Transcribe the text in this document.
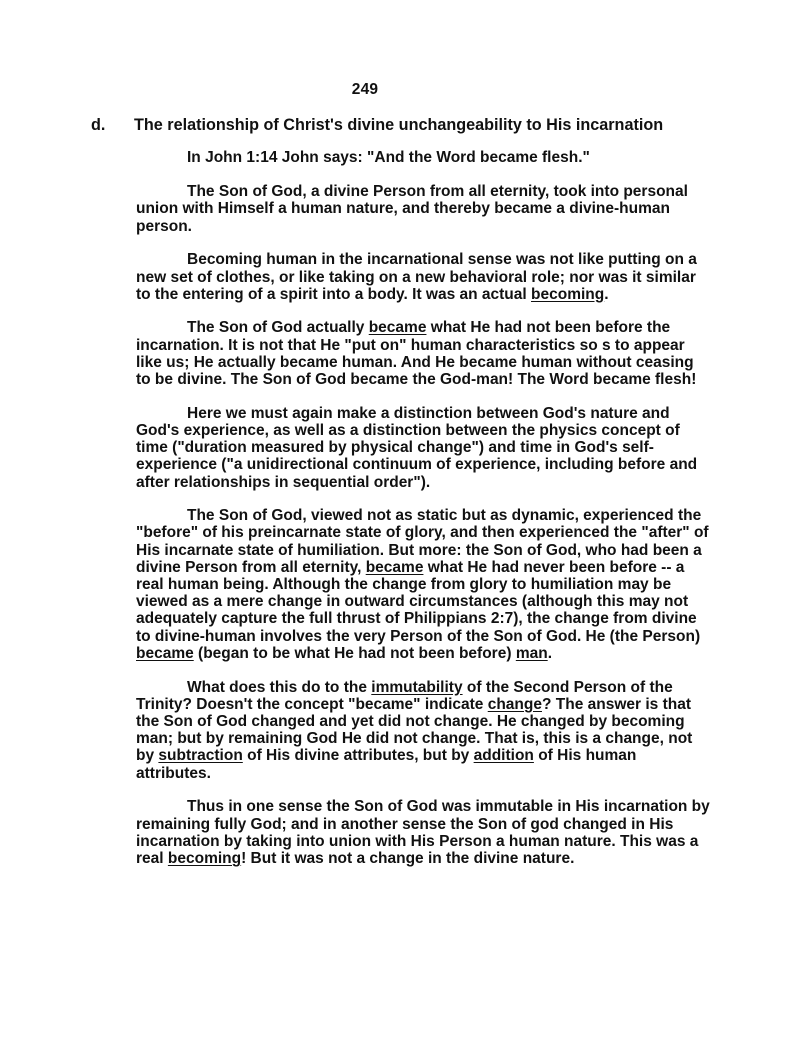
249
d. The relationship of Christ's divine unchangeability to His incarnation

In John 1:14 John says: "And the Word became flesh."

The Son of God, a divine Person from all eternity, took into personal union with Himself a human nature, and thereby became a divine-human person.

Becoming human in the incarnational sense was not like putting on a new set of clothes, or like taking on a new behavioral role; nor was it similar to the entering of a spirit into a body. It was an actual becoming.

The Son of God actually became what He had not been before the incarnation. It is not that He "put on" human characteristics so s to appear like us; He actually became human. And He became human without ceasing to be divine. The Son of God became the God-man! The Word became flesh!

Here we must again make a distinction between God's nature and God's experience, as well as a distinction between the physics concept of time ("duration measured by physical change") and time in God's self-experience ("a unidirectional continuum of experience, including before and after relationships in sequential order").

The Son of God, viewed not as static but as dynamic, experienced the "before" of his preincarnate state of glory, and then experienced the "after" of His incarnate state of humiliation. But more: the Son of God, who had been a divine Person from all eternity, became what He had never been before -- a real human being. Although the change from glory to humiliation may be viewed as a mere change in outward circumstances (although this may not adequately capture the full thrust of Philippians 2:7), the change from divine to divine-human involves the very Person of the Son of God. He (the Person) became (began to be what He had not been before) man.

What does this do to the immutability of the Second Person of the Trinity? Doesn't the concept "became" indicate change? The answer is that the Son of God changed and yet did not change. He changed by becoming man; but by remaining God He did not change. That is, this is a change, not by subtraction of His divine attributes, but by addition of His human attributes.

Thus in one sense the Son of God was immutable in His incarnation by remaining fully God; and in another sense the Son of god changed in His incarnation by taking into union with His Person a human nature. This was a real becoming! But it was not a change in the divine nature.
